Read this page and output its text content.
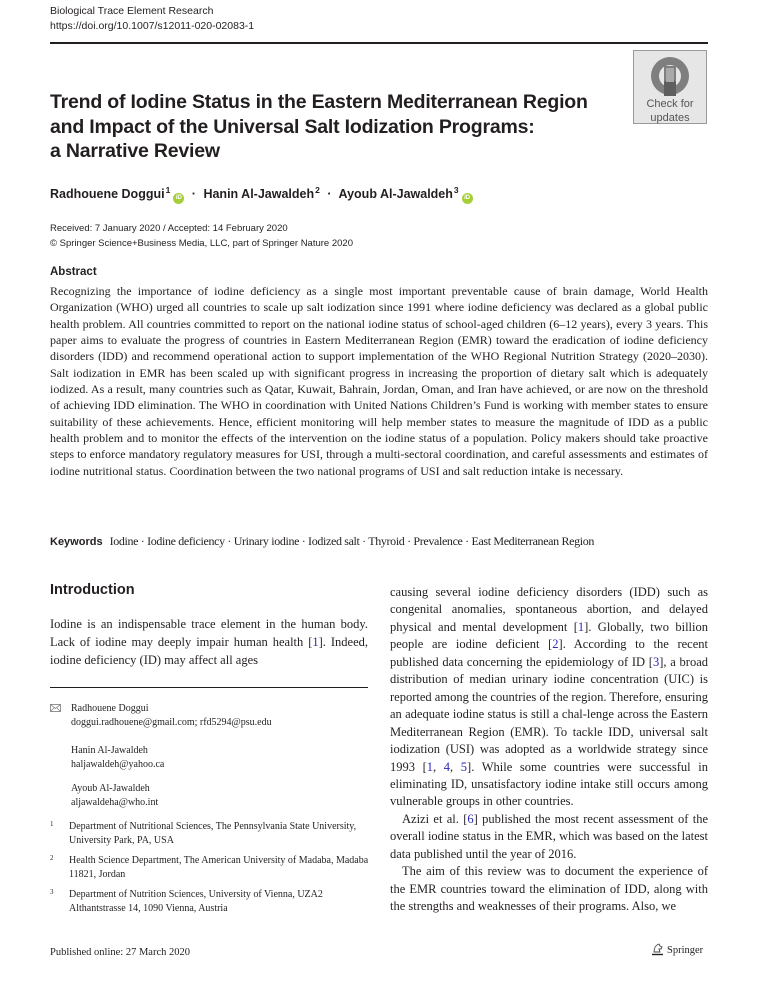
Biological Trace Element Research
https://doi.org/10.1007/s12011-020-02083-1
Check for
updates
Trend of Iodine Status in the Eastern Mediterranean Region
and Impact of the Universal Salt Iodization Programs:
a Narrative Review
Radhouene Doggui$^1$iD · Hanin Al-Jawaldeh$^2$ · Ayoub Al-Jawaldeh$^3$iD
Received: 7 January 2020 / Accepted: 14 February 2020
© Springer Science+Business Media, LLC, part of Springer Nature 2020
Abstract
Recognizing the importance of iodine deficiency as a single most important preventable cause of brain damage, World Health Organization (WHO) urged all countries to scale up salt iodization since 1991 where iodine deficiency was declared as a global public health problem. All countries committed to report on the national iodine status of school-aged children (6–12 years), every 3 years. This paper aims to evaluate the progress of countries in Eastern Mediterranean Region (EMR) toward the eradication of iodine deficiency disorders (IDD) and recommend operational action to support implementation of the WHO Regional Nutrition Strategy (2020–2030). Salt iodization in EMR has been scaled up with significant progress in increasing the proportion of dietary salt which is adequately iodized. As a result, many countries such as Qatar, Kuwait, Bahrain, Jordan, Oman, and Iran have achieved, or are now on the threshold of achieving IDD elimination. The WHO in coordination with United Nations Children’s Fund is working with member states to ensure suitability of these achievements. Hence, efficient monitoring will help member states to measure the magnitude of IDD as a public health problem and to monitor the effects of the intervention on the iodine status of a population. Policy makers should take proactive steps to enforce mandatory regulatory measures for USI, through a multi-sectoral coordination, and careful assessments and estimates of iodine nutritional status. Coordination between the two national programs of USI and salt reduction intake is necessary.
Keywords Iodine · Iodine deficiency · Urinary iodine · Iodized salt · Thyroid · Prevalence · East Mediterranean Region
Introduction
Iodine is an indispensable trace element in the human body. Lack of iodine may deeply impair human health [1]. Indeed, iodine deficiency (ID) may affect all ages
Radhouene Doggui
doggui.radhouene@gmail.com; rfd5294@psu.edu
Hanin Al-Jawaldeh
haljawaldeh@yahoo.ca
Ayoub Al-Jawaldeh
aljawaldeha@who.int
1 Department of Nutritional Sciences, The Pennsylvania State University, University Park, PA, USA
2 Health Science Department, The American University of Madaba, Madaba 11821, Jordan
3 Department of Nutrition Sciences, University of Vienna, UZA2 Althantstrasse 14, 1090 Vienna, Austria

causing several iodine deficiency disorders (IDD) such as congenital anomalies, spontaneous abortion, and delayed physical and mental development [1]. Globally, two billion people are iodine deficient [2]. According to the recent published data concerning the epidemiology of ID [3], a broad distribution of median urinary iodine concentration (UIC) is reported among the countries of the region. Therefore, ensuring an adequate iodine status is still a chal-lenge across the Eastern Mediterranean Region (EMR). To tackle IDD, universal salt iodization (USI) was adopted as a worldwide strategy since 1993 [1, 4, 5]. While some countries were successful in eliminating ID, unsatisfactory iodine intake still occurs among vulnerable groups in other countries.

Azizi et al. [6] published the most recent assessment of the overall iodine status in the EMR, which was based on the latest data published until the year of 2016.

The aim of this review was to document the experience of the EMR countries toward the elimination of IDD, along with the strengths and weaknesses of their programs. Also, we

Published online: 27 March 2020	Springer
